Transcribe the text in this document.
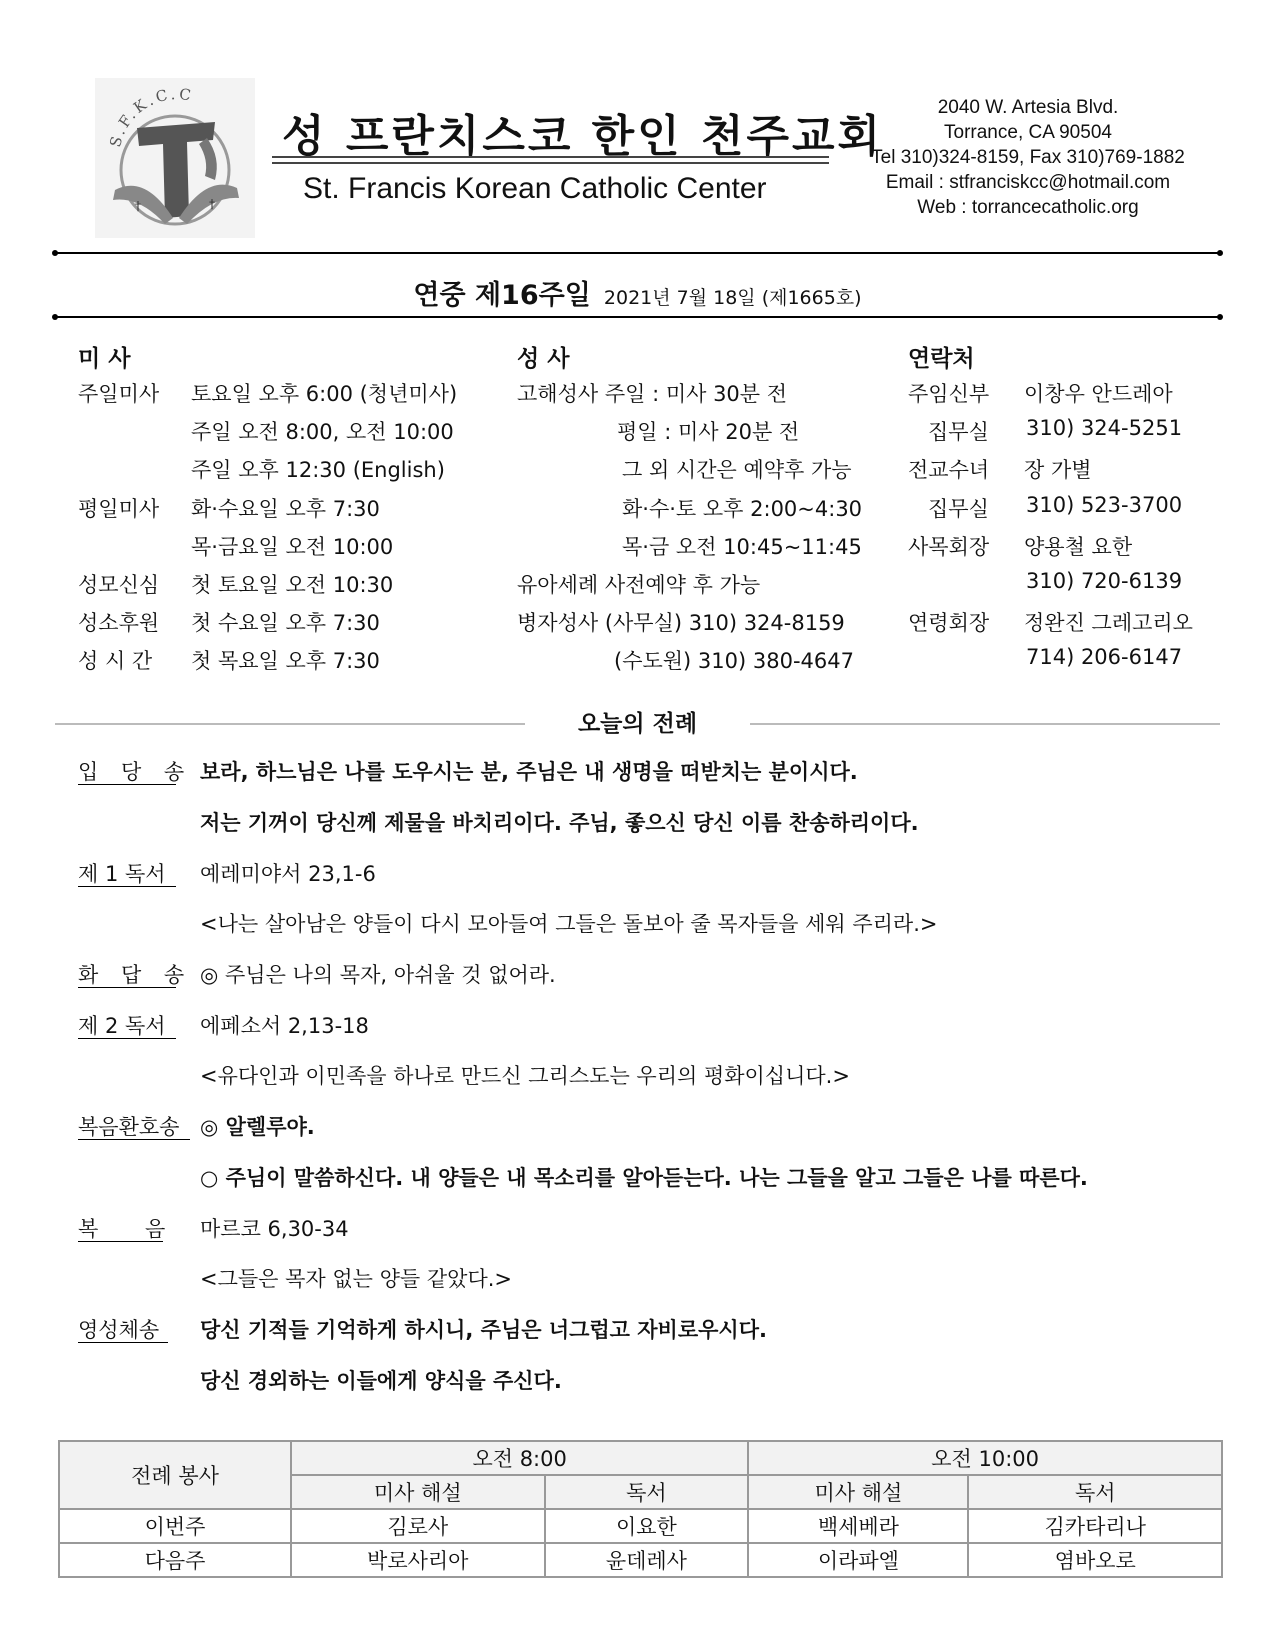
S.F.K.C.C
†	†
성 프란치스코 한인 천주교회
St. Francis Korean Catholic Center
2040 W. Artesia Blvd.
Torrance, CA 90504
Tel 310)324-8159, Fax 310)769-1882
Email : stfranciskcc@hotmail.com
Web : torrancecatholic.org
연중 제16주일 2021년 7월 18일 (제1665호)
미 사
주일미사 토요일 오후 6:00 (청년미사)
주일 오전 8:00, 오전 10:00
주일 오후 12:30 (English)
평일미사 화·수요일 오후 7:30
목·금요일 오전 10:00
성모신심 첫 토요일 오전 10:30
성소후원 첫 수요일 오후 7:30
성 시 간 첫 목요일 오후 7:30
성 사
고해성사 주일 : 미사 30분 전
평일 : 미사 20분 전
그 외 시간은 예약후 가능
화·수·토 오후 2:00~4:30
목·금 오전 10:45~11:45
유아세례 사전예약 후 가능
병자성사 (사무실) 310) 324-8159
(수도원) 310) 380-4647
연락처
주임신부 이창우 안드레아
집무실 310) 324-5251
전교수녀 장 가별
집무실 310) 523-3700
사목회장 양용철 요한
310) 720-6139
연령회장 정완진 그레고리오
714) 206-6147
오늘의 전례
입 당 송 보라, 하느님은 나를 도우시는 분, 주님은 내 생명을 떠받치는 분이시다.
저는 기꺼이 당신께 제물을 바치리이다. 주님, 좋으신 당신 이름 찬송하리이다.
제 1 독서 예레미야서 23,1-6
<나는 살아남은 양들이 다시 모아들여 그들은 돌보아 줄 목자들을 세워 주리라.>
화 답 송 ◎ 주님은 나의 목자, 아쉬울 것 없어라.
제 2 독서 에페소서 2,13-18
<유다인과 이민족을 하나로 만드신 그리스도는 우리의 평화이십니다.>
복음환호송 ◎ 알렐루야.
○ 주님이 말씀하신다. 내 양들은 내 목소리를 알아듣는다. 나는 그들을 알고 그들은 나를 따른다.
복 음 마르코 6,30-34
<그들은 목자 없는 양들 같았다.>
영성체송 당신 기적들 기억하게 하시니, 주님은 너그럽고 자비로우시다.
당신 경외하는 이들에게 양식을 주신다.
전례 봉사	오전 8:00		오전 10:00	
	미사 해설	독서	미사 해설	독서
이번주	김로사	이요한	백세베라	김카타리나
다음주	박로사리아	윤데레사	이라파엘	염바오로
